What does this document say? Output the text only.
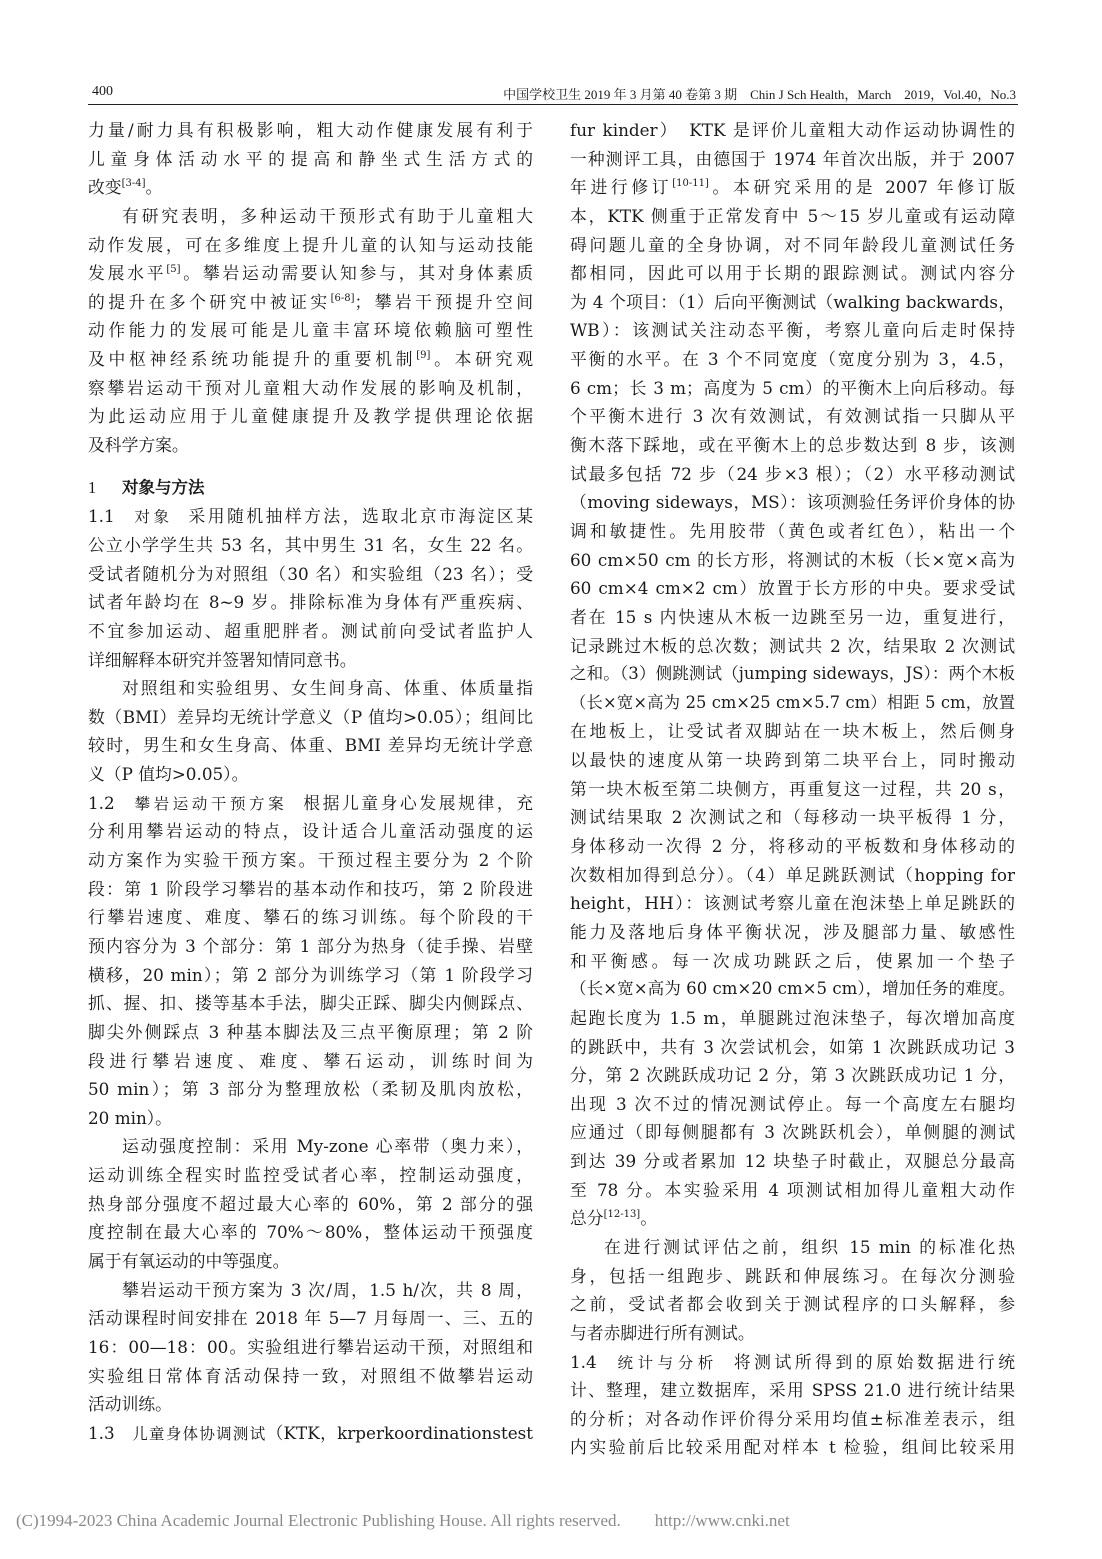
400	中国学校卫生 2019 年 3 月第 40 卷第 3 期　Chin J Sch Health，March　2019，Vol.40，No.3
力量/耐力具有积极影响，粗大动作健康发展有利于
儿童身体活动水平的提高和静坐式生活方式的
改变[3-4]。
有研究表明，多种运动干预形式有助于儿童粗大
动作发展，可在多维度上提升儿童的认知与运动技能
发展水平[5]。攀岩运动需要认知参与，其对身体素质
的提升在多个研究中被证实[6-8]；攀岩干预提升空间
动作能力的发展可能是儿童丰富环境依赖脑可塑性
及中枢神经系统功能提升的重要机制[9]。本研究观
察攀岩运动干预对儿童粗大动作发展的影响及机制，
为此运动应用于儿童健康提升及教学提供理论依据
及科学方案。
1 对象与方法
1.1 对象 采用随机抽样方法，选取北京市海淀区某
公立小学学生共 53 名，其中男生 31 名，女生 22 名。
受试者随机分为对照组（30 名）和实验组（23 名）；受
试者年龄均在 8~9 岁。排除标准为身体有严重疾病、
不宜参加运动、超重肥胖者。测试前向受试者监护人
详细解释本研究并签署知情同意书。
对照组和实验组男、女生间身高、体重、体质量指
数（BMI）差异均无统计学意义（P 值均>0.05）；组间比
较时，男生和女生身高、体重、BMI 差异均无统计学意
义（P 值均>0.05）。
1.2 攀岩运动干预方案 根据儿童身心发展规律，充
分利用攀岩运动的特点，设计适合儿童活动强度的运
动方案作为实验干预方案。干预过程主要分为 2 个阶
段：第 1 阶段学习攀岩的基本动作和技巧，第 2 阶段进
行攀岩速度、难度、攀石的练习训练。每个阶段的干
预内容分为 3 个部分：第 1 部分为热身（徒手操、岩壁
横移，20 min）；第 2 部分为训练学习（第 1 阶段学习
抓、握、扣、搂等基本手法，脚尖正踩、脚尖内侧踩点、
脚尖外侧踩点 3 种基本脚法及三点平衡原理；第 2 阶
段进行攀岩速度、难度、攀石运动，训练时间为
50 min）；第 3 部分为整理放松（柔韧及肌肉放松，
20 min）。
运动强度控制：采用 My-zone 心率带（奥力来），
运动训练全程实时监控受试者心率，控制运动强度，
热身部分强度不超过最大心率的 60%，第 2 部分的强
度控制在最大心率的 70%～80%，整体运动干预强度
属于有氧运动的中等强度。
攀岩运动干预方案为 3 次/周，1.5 h/次，共 8 周，
活动课程时间安排在 2018 年 5—7 月每周一、三、五的
16：00—18：00。实验组进行攀岩运动干预，对照组和
实验组日常体育活动保持一致，对照组不做攀岩运动
活动训练。
1.3 儿童身体协调测试（KTK，krperkoordinationstest
fur kinder）　KTK 是评价儿童粗大动作运动协调性的
一种测评工具，由德国于 1974 年首次出版，并于 2007
年进行修订[10-11]。本研究采用的是 2007 年修订版
本，KTK 侧重于正常发育中 5～15 岁儿童或有运动障
碍问题儿童的全身协调，对不同年龄段儿童测试任务
都相同，因此可以用于长期的跟踪测试。测试内容分
为 4 个项目：（1）后向平衡测试（walking backwards，
WB）：该测试关注动态平衡，考察儿童向后走时保持
平衡的水平。在 3 个不同宽度（宽度分别为 3，4.5，
6 cm；长 3 m；高度为 5 cm）的平衡木上向后移动。每
个平衡木进行 3 次有效测试，有效测试指一只脚从平
衡木落下踩地，或在平衡木上的总步数达到 8 步，该测
试最多包括 72 步（24 步×3 根）；（2）水平移动测试
（moving sideways，MS）：该项测验任务评价身体的协
调和敏捷性。先用胶带（黄色或者红色），粘出一个
60 cm×50 cm 的长方形，将测试的木板（长×宽×高为
60 cm×4 cm×2 cm）放置于长方形的中央。要求受试
者在 15 s 内快速从木板一边跳至另一边，重复进行，
记录跳过木板的总次数；测试共 2 次，结果取 2 次测试
之和。（3）侧跳测试（jumping sideways，JS）：两个木板
（长×宽×高为 25 cm×25 cm×5.7 cm）相距 5 cm，放置
在地板上，让受试者双脚站在一块木板上，然后侧身
以最快的速度从第一块跨到第二块平台上，同时搬动
第一块木板至第二块侧方，再重复这一过程，共 20 s，
测试结果取 2 次测试之和（每移动一块平板得 1 分，
身体移动一次得 2 分，将移动的平板数和身体移动的
次数相加得到总分）。（4）单足跳跃测试（hopping for
height，HH）：该测试考察儿童在泡沫垫上单足跳跃的
能力及落地后身体平衡状况，涉及腿部力量、敏感性
和平衡感。每一次成功跳跃之后，使累加一个垫子
（长×宽×高为 60 cm×20 cm×5 cm），增加任务的难度。
起跑长度为 1.5 m，单腿跳过泡沫垫子，每次增加高度
的跳跃中，共有 3 次尝试机会，如第 1 次跳跃成功记 3
分，第 2 次跳跃成功记 2 分，第 3 次跳跃成功记 1 分，
出现 3 次不过的情况测试停止。每一个高度左右腿均
应通过（即每侧腿都有 3 次跳跃机会），单侧腿的测试
到达 39 分或者累加 12 块垫子时截止，双腿总分最高
至 78 分。本实验采用 4 项测试相加得儿童粗大动作
总分[12-13]。
在进行测试评估之前，组织 15 min 的标准化热
身，包括一组跑步、跳跃和伸展练习。在每次分测验
之前，受试者都会收到关于测试程序的口头解释，参
与者赤脚进行所有测试。
1.4 统计与分析 将测试所得到的原始数据进行统
计、整理，建立数据库，采用 SPSS 21.0 进行统计结果
的分析；对各动作评价得分采用均值±标准差表示，组
内实验前后比较采用配对样本 t 检验，组间比较采用
(C)1994-2023 China Academic Journal Electronic Publishing House. All rights reserved.　　http://www.cnki.net
